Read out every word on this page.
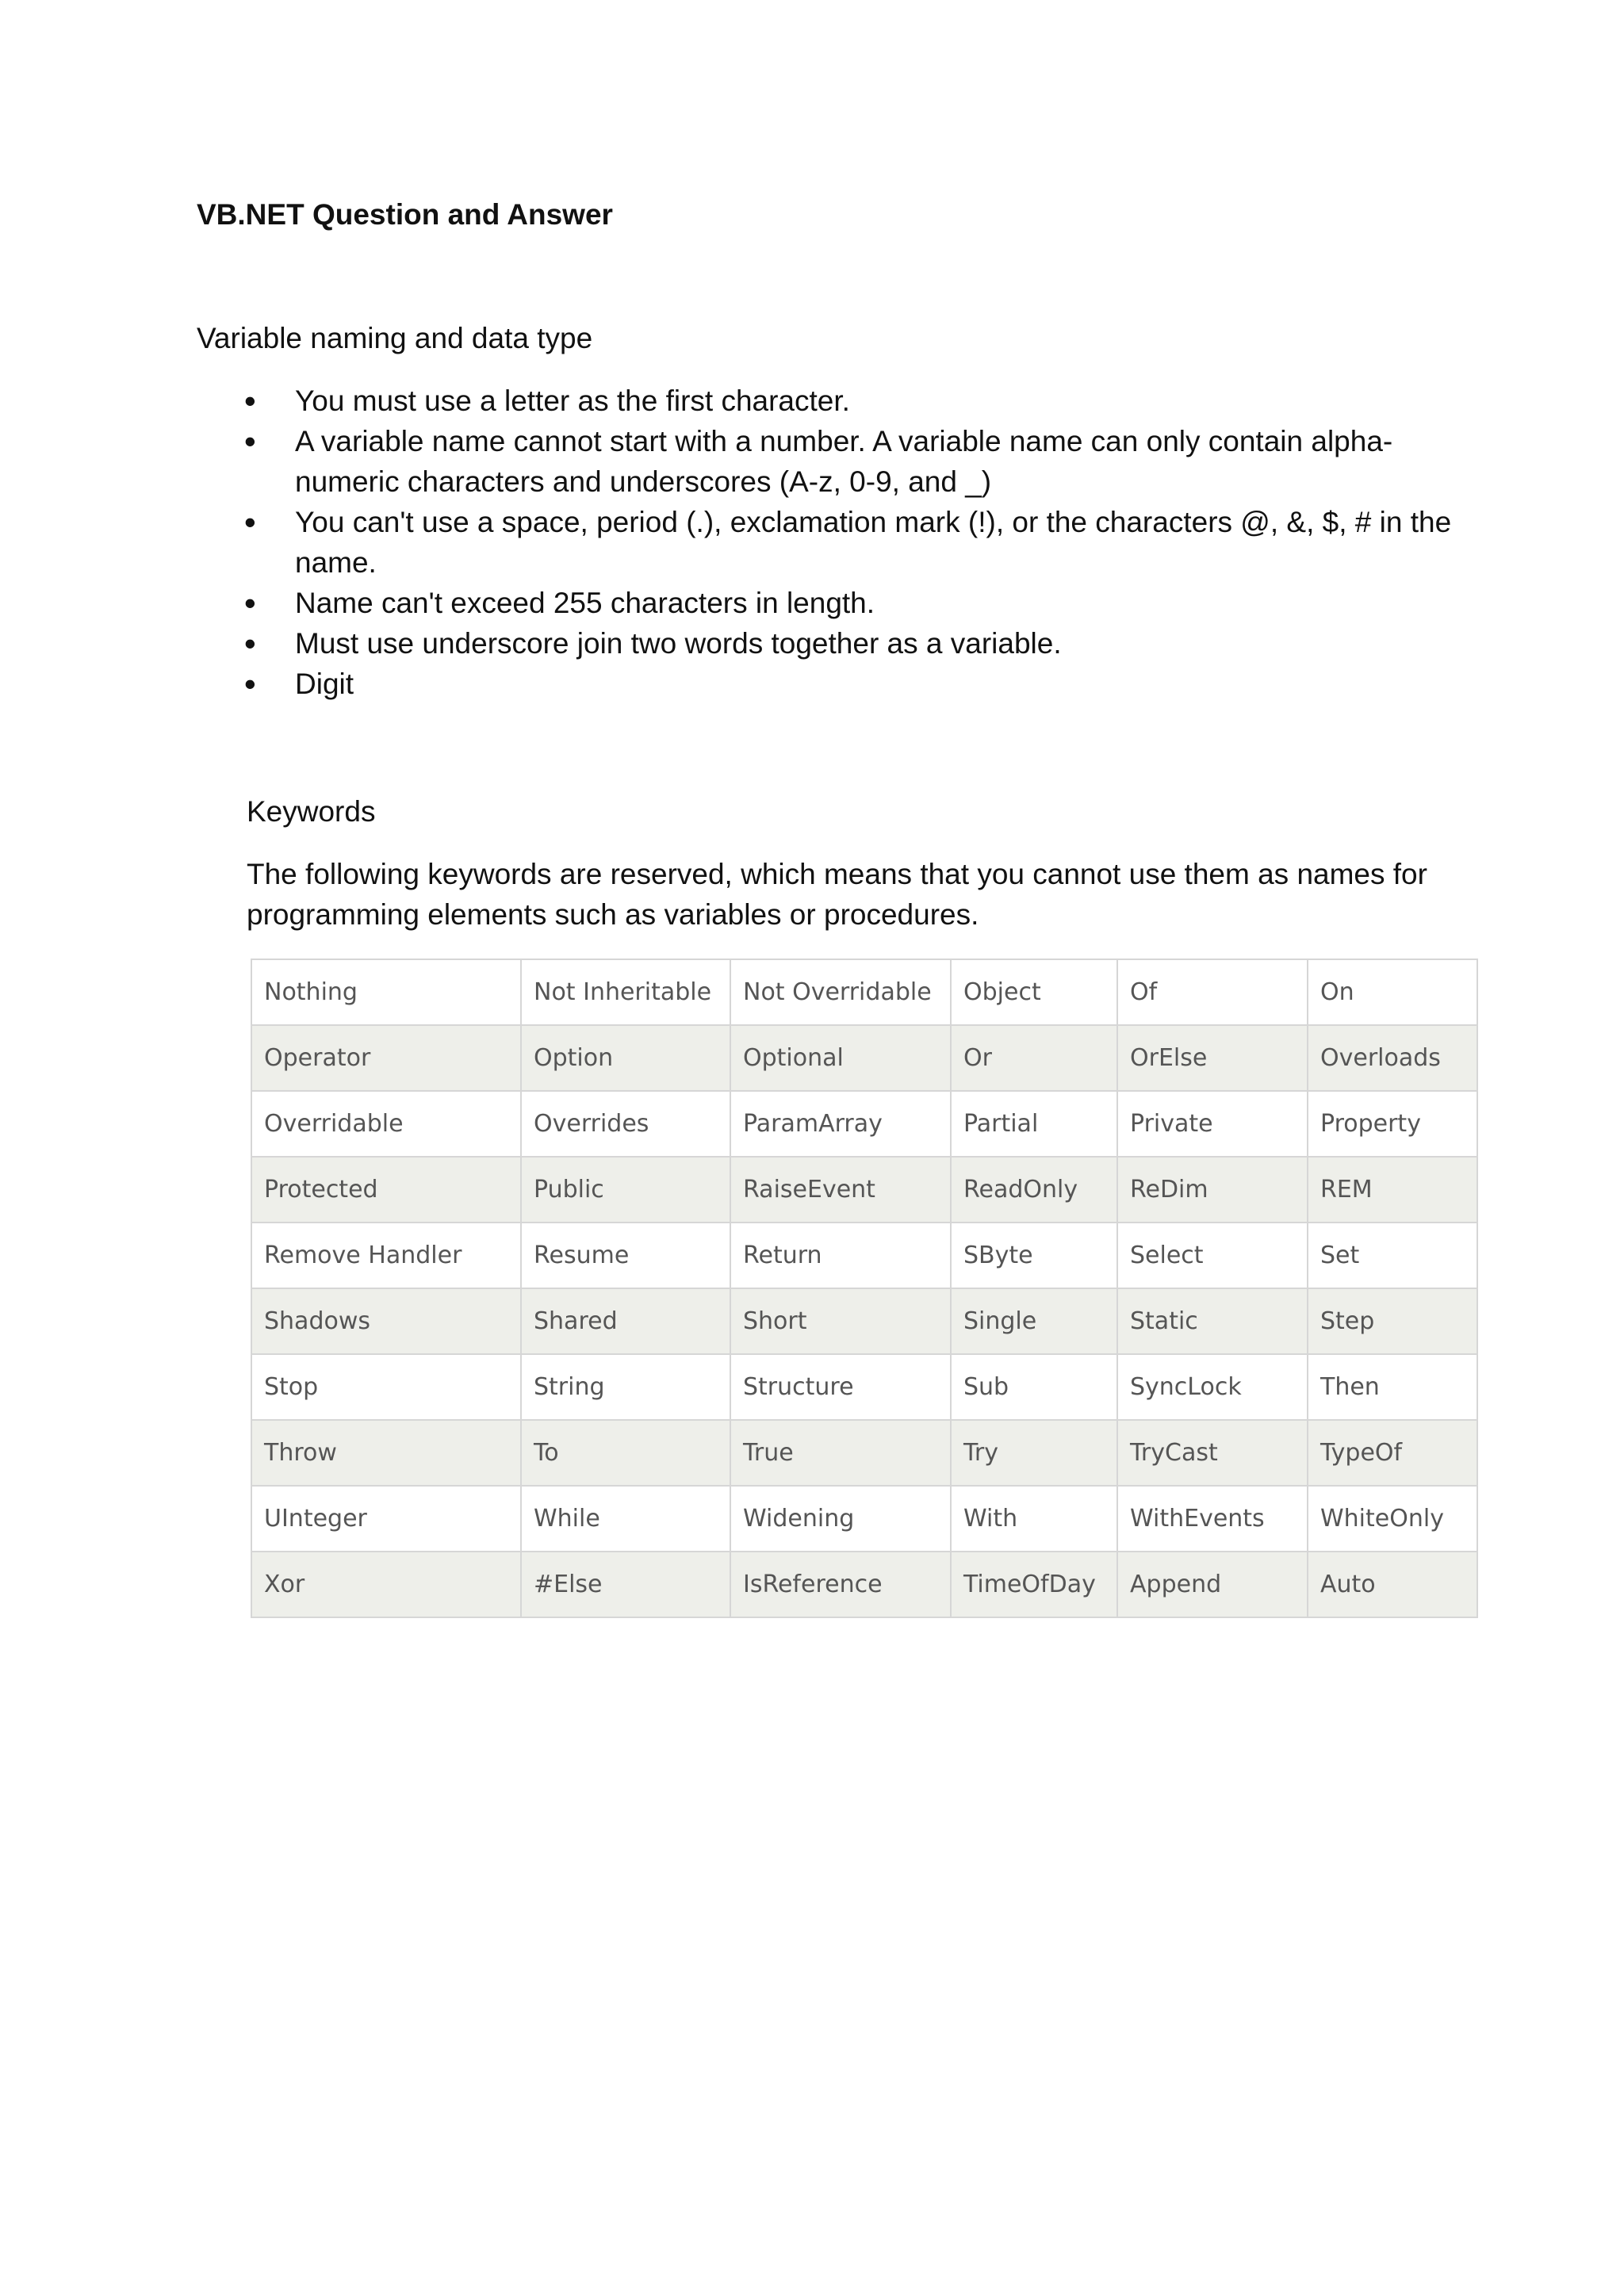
VB.NET Question and Answer

Variable naming and data type

• You must use a letter as the first character.
• A variable name cannot start with a number. A variable name can only contain alpha-numeric characters and underscores (A-z, 0-9, and _)
• You can't use a space, period (.), exclamation mark (!), or the characters @, &, $, # in the name.
• Name can't exceed 255 characters in length.
• Must use underscore join two words together as a variable.
• Digit

Keywords

The following keywords are reserved, which means that you cannot use them as names for programming elements such as variables or procedures.

Nothing	Not Inheritable	Not Overridable	Object	Of	On
Operator	Option	Optional	Or	OrElse	Overloads
Overridable	Overrides	ParamArray	Partial	Private	Property
Protected	Public	RaiseEvent	ReadOnly	ReDim	REM
Remove Handler	Resume	Return	SByte	Select	Set
Shadows	Shared	Short	Single	Static	Step
Stop	String	Structure	Sub	SyncLock	Then
Throw	To	True	Try	TryCast	TypeOf
UInteger	While	Widening	With	WithEvents	WhiteOnly
Xor	#Else	IsReference	TimeOfDay	Append	Auto
